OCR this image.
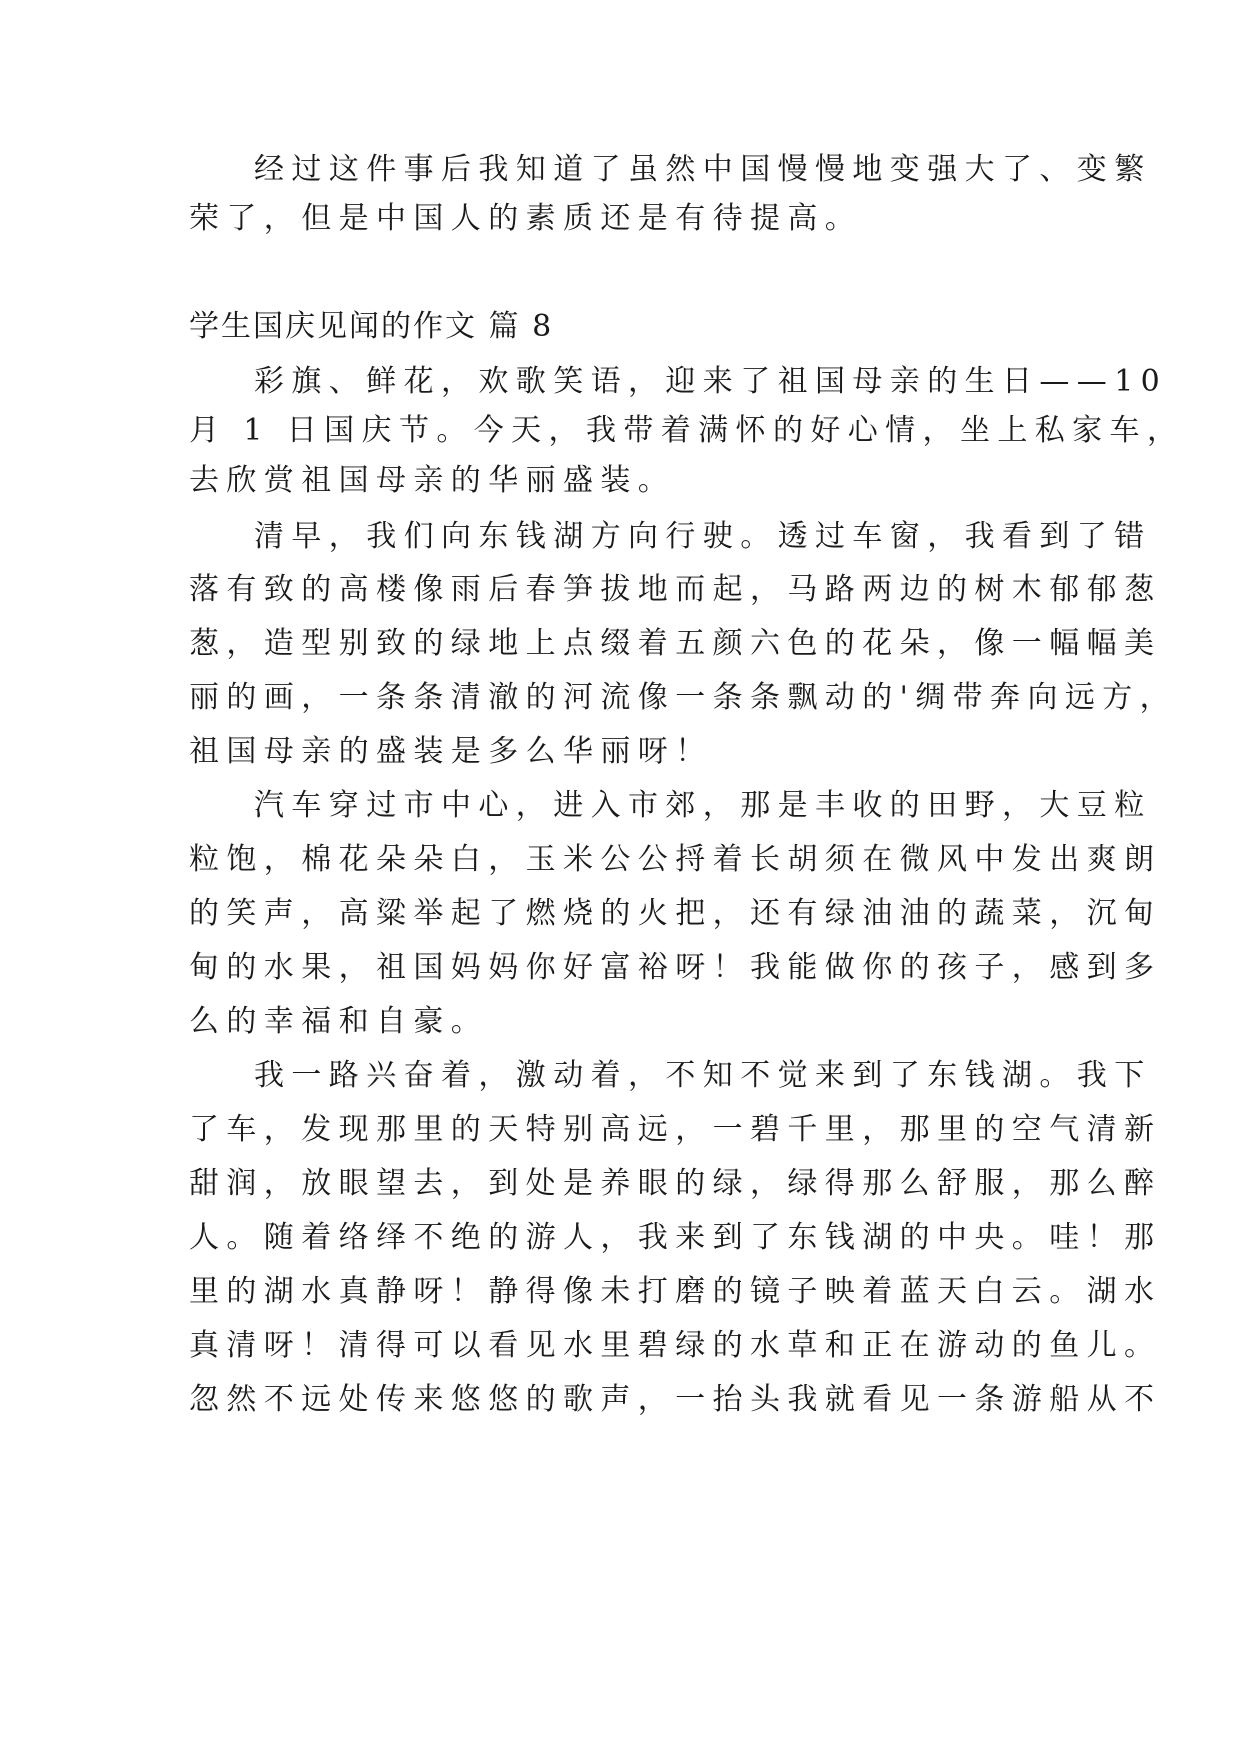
经过这件事后我知道了虽然中国慢慢地变强大了、变繁

荣了，但是中国人的素质还是有待提高。

学生国庆见闻的作文 篇 8

彩旗、鲜花，欢歌笑语，迎来了祖国母亲的生日——10

月 1 日国庆节。今天，我带着满怀的好心情，坐上私家车，

去欣赏祖国母亲的华丽盛装。

清早，我们向东钱湖方向行驶。透过车窗，我看到了错

落有致的高楼像雨后春笋拔地而起，马路两边的树木郁郁葱

葱，造型别致的绿地上点缀着五颜六色的花朵，像一幅幅美

丽的画，一条条清澈的河流像一条条飘动的'绸带奔向远方，

祖国母亲的盛装是多么华丽呀！

汽车穿过市中心，进入市郊，那是丰收的田野，大豆粒

粒饱，棉花朵朵白，玉米公公捋着长胡须在微风中发出爽朗

的笑声，高粱举起了燃烧的火把，还有绿油油的蔬菜，沉甸

甸的水果，祖国妈妈你好富裕呀！我能做你的孩子，感到多

么的幸福和自豪。

我一路兴奋着，激动着，不知不觉来到了东钱湖。我下

了车，发现那里的天特别高远，一碧千里，那里的空气清新

甜润，放眼望去，到处是养眼的绿，绿得那么舒服，那么醉

人。随着络绎不绝的游人，我来到了东钱湖的中央。哇！那

里的湖水真静呀！静得像未打磨的镜子映着蓝天白云。湖水

真清呀！清得可以看见水里碧绿的水草和正在游动的鱼儿。

忽然不远处传来悠悠的歌声，一抬头我就看见一条游船从不
